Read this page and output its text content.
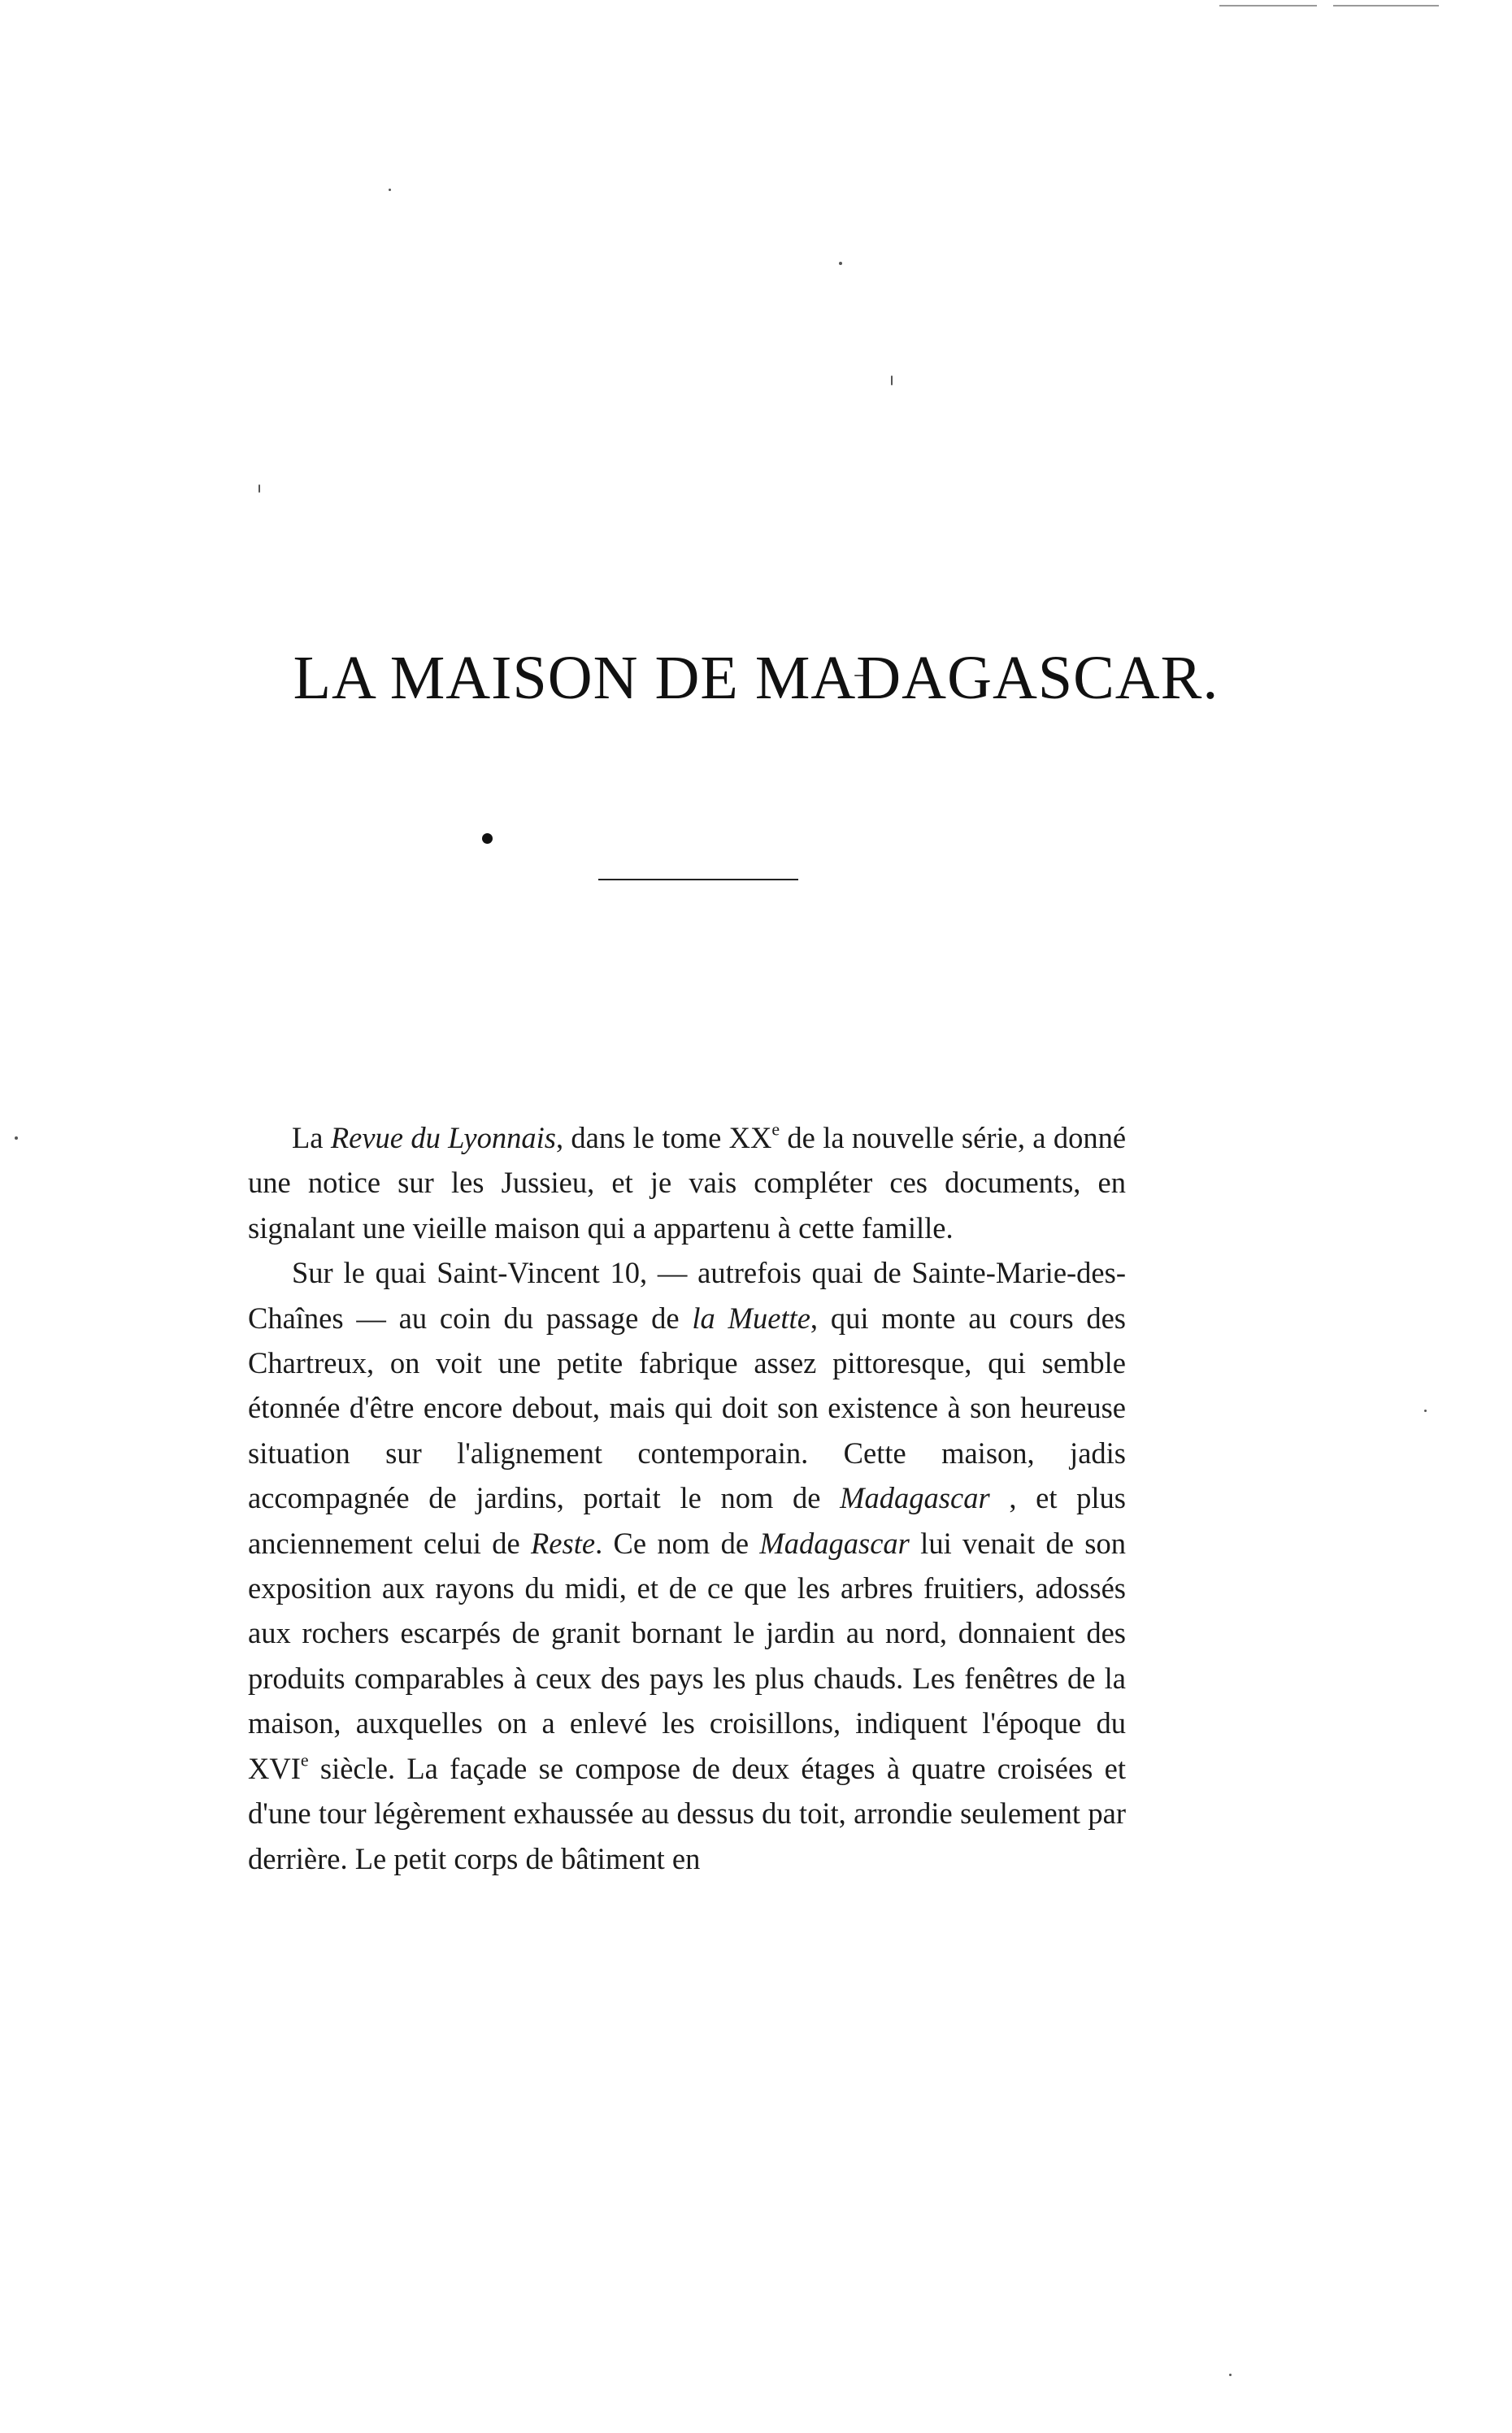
LA MAISON DE MADAGASCAR.

La Revue du Lyonnais, dans le tome XXe de la nouvelle série, a donné une notice sur les Jussieu, et je vais compléter ces documents, en signalant une vieille maison qui a appartenu à cette famille.

Sur le quai Saint-Vincent 10, — autrefois quai de Sainte-Marie-des-Chaînes — au coin du passage de la Muette, qui monte au cours des Chartreux, on voit une petite fabrique assez pittoresque, qui semble étonnée d'être encore debout, mais qui doit son existence à son heureuse situation sur l'alignement contemporain. Cette maison, jadis accompagnée de jardins, portait le nom de Madagascar , et plus anciennement celui de Reste. Ce nom de Madagascar lui venait de son exposition aux rayons du midi, et de ce que les arbres fruitiers, adossés aux rochers escarpés de granit bornant le jardin au nord, donnaient des produits comparables à ceux des pays les plus chauds. Les fenêtres de la maison, auxquelles on a enlevé les croisillons, indiquent l'époque du XVIe siècle. La façade se compose de deux étages à quatre croisées et d'une tour légèrement exhaussée au dessus du toit, arrondie seulement par derrière. Le petit corps de bâtiment en
